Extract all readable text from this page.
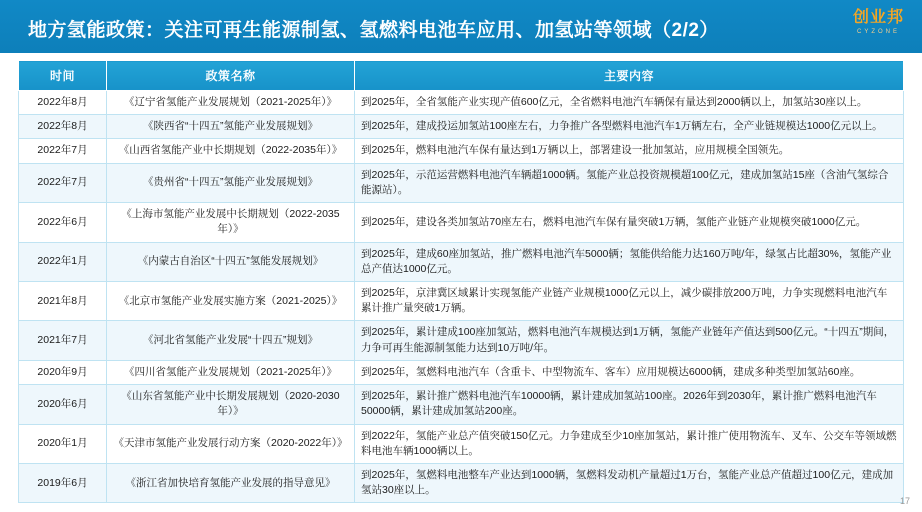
地方氢能政策：关注可再生能源制氢、氢燃料电池车应用、加氢站等领域（2/2）
创业邦
CYZONE
时间	政策名称	主要内容
2022年8月	《辽宁省氢能产业发展规划（2021-2025年）》	到2025年，全省氢能产业实现产值600亿元，全省燃料电池汽车辆保有量达到2000辆以上，加氢站30座以上。
2022年8月	《陕西省“十四五”氢能产业发展规划》	到2025年，建成投运加氢站100座左右，力争推广各型燃料电池汽车1万辆左右，全产业链规模达1000亿元以上。
2022年7月	《山西省氢能产业中长期规划（2022-2035年）》	到2025年，燃料电池汽车保有量达到1万辆以上，部署建设一批加氢站，应用规模全国领先。
2022年7月	《贵州省“十四五”氢能产业发展规划》	到2025年，示范运营燃料电池汽车辆超1000辆。氢能产业总投资规模超100亿元，建成加氢站15座（含油气氢综合能源站）。
2022年6月	《上海市氢能产业发展中长期规划（2022-2035年）》	到2025年，建设各类加氢站70座左右，燃料电池汽车保有量突破1万辆，氢能产业链产业规模突破1000亿元。
2022年1月	《内蒙古自治区“十四五”氢能发展规划》	到2025年，建成60座加氢站，推广燃料电池汽车5000辆；氢能供给能力达160万吨/年，绿氢占比超30%，氢能产业总产值达1000亿元。
2021年8月	《北京市氢能产业发展实施方案（2021-2025）》	到2025年，京津冀区域累计实现氢能产业链产业规模1000亿元以上，减少碳排放200万吨，力争实现燃料电池汽车累计推广量突破1万辆。
2021年7月	《河北省氢能产业发展“十四五”规划》	到2025年，累计建成100座加氢站，燃料电池汽车规模达到1万辆，氢能产业链年产值达到500亿元。“十四五”期间，力争可再生能源制氢能力达到10万吨/年。
2020年9月	《四川省氢能产业发展规划（2021-2025年）》	到2025年，氢燃料电池汽车（含重卡、中型物流车、客车）应用规模达6000辆，建成多种类型加氢站60座。
2020年6月	《山东省氢能产业中长期发展规划（2020-2030年）》	到2025年，累计推广燃料电池汽车10000辆，累计建成加氢站100座。2026年到2030年，累计推广燃料电池汽车50000辆，累计建成加氢站200座。
2020年1月	《天津市氢能产业发展行动方案（2020-2022年）》	到2022年，氢能产业总产值突破150亿元。力争建成至少10座加氢站，累计推广使用物流车、叉车、公交车等领域燃料电池车辆1000辆以上。
2019年6月	《浙江省加快培育氢能产业发展的指导意见》	到2025年，氢燃料电池整车产业达到1000辆，氢燃料发动机产量超过1万台，氢能产业总产值超过100亿元，建成加氢站30座以上。
17
